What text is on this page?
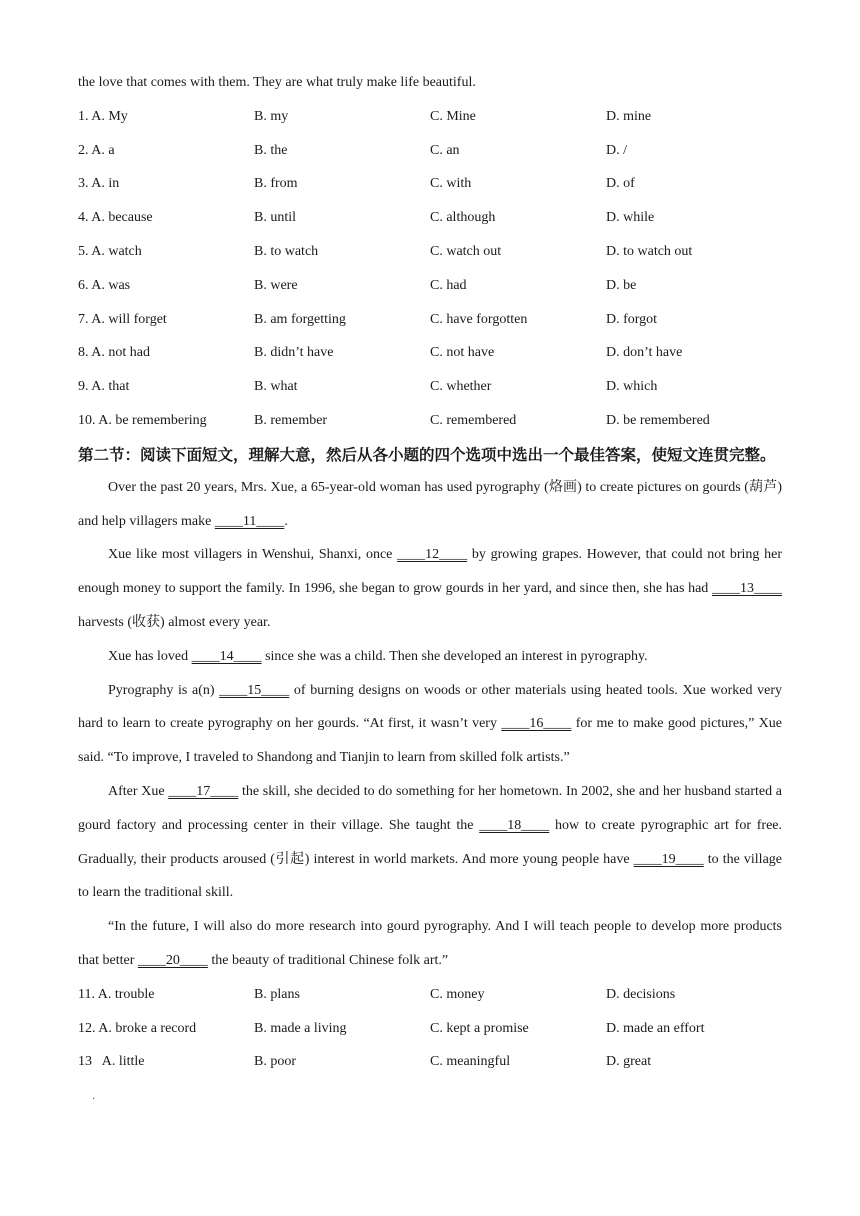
the love that comes with them. They are what truly make life beautiful.
1. A. My	B. my	C. Mine	D. mine
2. A. a	B. the	C. an	D. /
3. A. in	B. from	C. with	D. of
4. A. because	B. until	C. although	D. while
5. A. watch	B. to watch	C. watch out	D. to watch out
6. A. was	B. were	C. had	D. be
7. A. will forget	B. am forgetting	C. have forgotten	D. forgot
8. A. not had	B. didn’t have	C. not have	D. don’t have
9. A. that	B. what	C. whether	D. which
10. A. be remembering	B. remember	C. remembered	D. be remembered
第二节：阅读下面短文，理解大意，然后从各小题的四个选项中选出一个最佳答案，使短文连贯完整。

Over the past 20 years, Mrs. Xue, a 65-year-old woman has used pyrography (烙画) to create pictures on gourds (葫芦) and help villagers make ____11____.

Xue like most villagers in Wenshui, Shanxi, once ____12____ by growing grapes. However, that could not bring her enough money to support the family. In 1996, she began to grow gourds in her yard, and since then, she has had ____13____ harvests (收获) almost every year.

Xue has loved ____14____ since she was a child. Then she developed an interest in pyrography.

Pyrography is a(n) ____15____ of burning designs on woods or other materials using heated tools. Xue worked very hard to learn to create pyrography on her gourds. “At first, it wasn’t very ____16____ for me to make good pictures,” Xue said. “To improve, I traveled to Shandong and Tianjin to learn from skilled folk artists.”

After Xue ____17____ the skill, she decided to do something for her hometown. In 2002, she and her husband started a gourd factory and processing center in their village. She taught the ____18____ how to create pyrographic art for free. Gradually, their products aroused (引起) interest in world markets. And more young people have ____19____ to the village to learn the traditional skill.

“In the future, I will also do more research into gourd pyrography. And I will teach people to develop more products that better ____20____ the beauty of traditional Chinese folk art.”

11. A. trouble	B. plans	C. money	D. decisions
12. A. broke a record	B. made a living	C. kept a promise	D. made an effort
13   A. little	B. poor	C. meaningful	D. great
·
